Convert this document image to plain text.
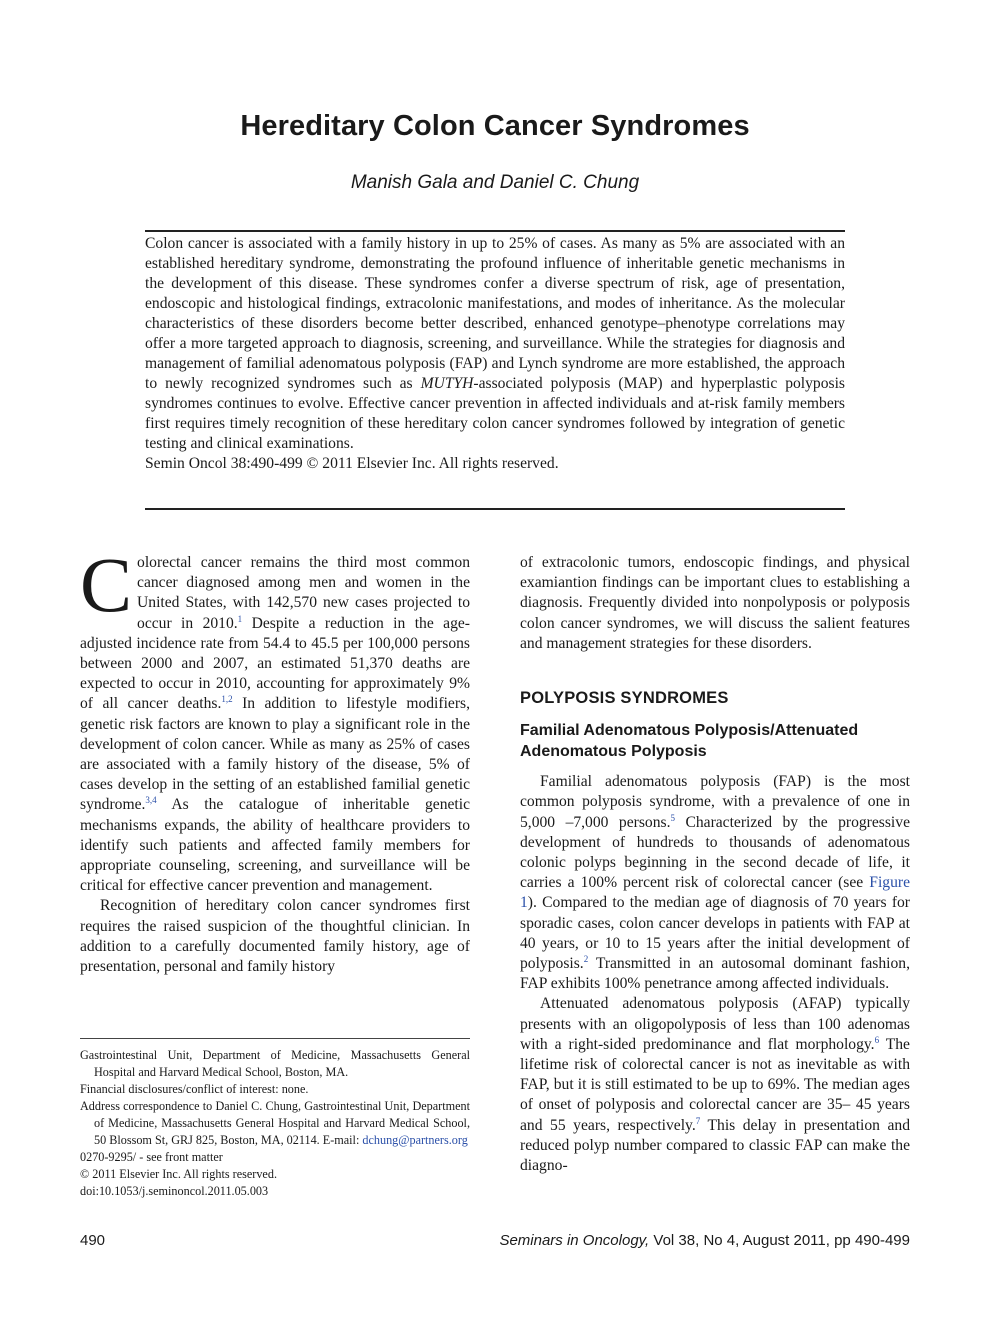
Hereditary Colon Cancer Syndromes
Manish Gala and Daniel C. Chung

Colon cancer is associated with a family history in up to 25% of cases. As many as 5% are associated with an established hereditary syndrome, demonstrating the profound influence of inheritable genetic mechanisms in the development of this disease. These syndromes confer a diverse spectrum of risk, age of presentation, endoscopic and histological findings, extracolonic manifestations, and modes of inheritance. As the molecular characteristics of these disorders become better described, enhanced genotype–phenotype correlations may offer a more targeted approach to diagnosis, screening, and surveillance. While the strategies for diagnosis and management of familial adenomatous polyposis (FAP) and Lynch syndrome are more established, the approach to newly recognized syndromes such as MUTYH-associated polyposis (MAP) and hyperplastic polyposis syndromes continues to evolve. Effective cancer prevention in affected individuals and at-risk family members first requires timely recognition of these hereditary colon cancer syndromes followed by integration of genetic testing and clinical examinations.

Semin Oncol 38:490-499 © 2011 Elsevier Inc. All rights reserved.

Colorectal cancer remains the third most common cancer diagnosed among men and women in the United States, with 142,570 new cases projected to occur in 2010.$^1$ Despite a reduction in the age-adjusted incidence rate from 54.4 to 45.5 per 100,000 persons between 2000 and 2007, an estimated 51,370 deaths are expected to occur in 2010, accounting for approximately 9% of all cancer deaths.$^{1,2}$ In addition to lifestyle modifiers, genetic risk factors are known to play a significant role in the development of colon cancer. While as many as 25% of cases are associated with a family history of the disease, 5% of cases develop in the setting of an established familial genetic syndrome.$^{3,4}$ As the catalogue of inheritable genetic mechanisms expands, the ability of healthcare providers to identify such patients and affected family members for appropriate counseling, screening, and surveillance will be critical for effective cancer prevention and management.

Recognition of hereditary colon cancer syndromes first requires the raised suspicion of the thoughtful clinician. In addition to a carefully documented family history, age of presentation, personal and family history

of extracolonic tumors, endoscopic findings, and physical examiantion findings can be important clues to establishing a diagnosis. Frequently divided into nonpolyposis or polyposis colon cancer syndromes, we will discuss the salient features and management strategies for these disorders.

POLYPOSIS SYNDROMES
Familial Adenomatous Polyposis/Attenuated Adenomatous Polyposis

Familial adenomatous polyposis (FAP) is the most common polyposis syndrome, with a prevalence of one in 5,000 –7,000 persons.$^5$ Characterized by the progressive development of hundreds to thousands of adenomatous colonic polyps beginning in the second decade of life, it carries a 100% percent risk of colorectal cancer (see Figure 1). Compared to the median age of diagnosis of 70 years for sporadic cases, colon cancer develops in patients with FAP at 40 years, or 10 to 15 years after the initial development of polyposis.$^2$ Transmitted in an autosomal dominant fashion, FAP exhibits 100% penetrance among affected individuals.

Attenuated adenomatous polyposis (AFAP) typically presents with an oligopolyposis of less than 100 adenomas with a right-sided predominance and flat morphology.$^6$ The lifetime risk of colorectal cancer is not as inevitable as with FAP, but it is still estimated to be up to 69%. The median ages of onset of polyposis and colorectal cancer are 35– 45 years and 55 years, respectively.$^7$ This delay in presentation and reduced polyp number compared to classic FAP can make the diagno-

Gastrointestinal Unit, Department of Medicine, Massachusetts General Hospital and Harvard Medical School, Boston, MA.

Financial disclosures/conflict of interest: none.

Address correspondence to Daniel C. Chung, Gastrointestinal Unit, Department of Medicine, Massachusetts General Hospital and Harvard Medical School, 50 Blossom St, GRJ 825, Boston, MA, 02114. E-mail: dchung@partners.org

0270-9295/ - see front matter

© 2011 Elsevier Inc. All rights reserved.

doi:10.1053/j.seminoncol.2011.05.003

490	Seminars in Oncology, Vol 38, No 4, August 2011, pp 490-499
